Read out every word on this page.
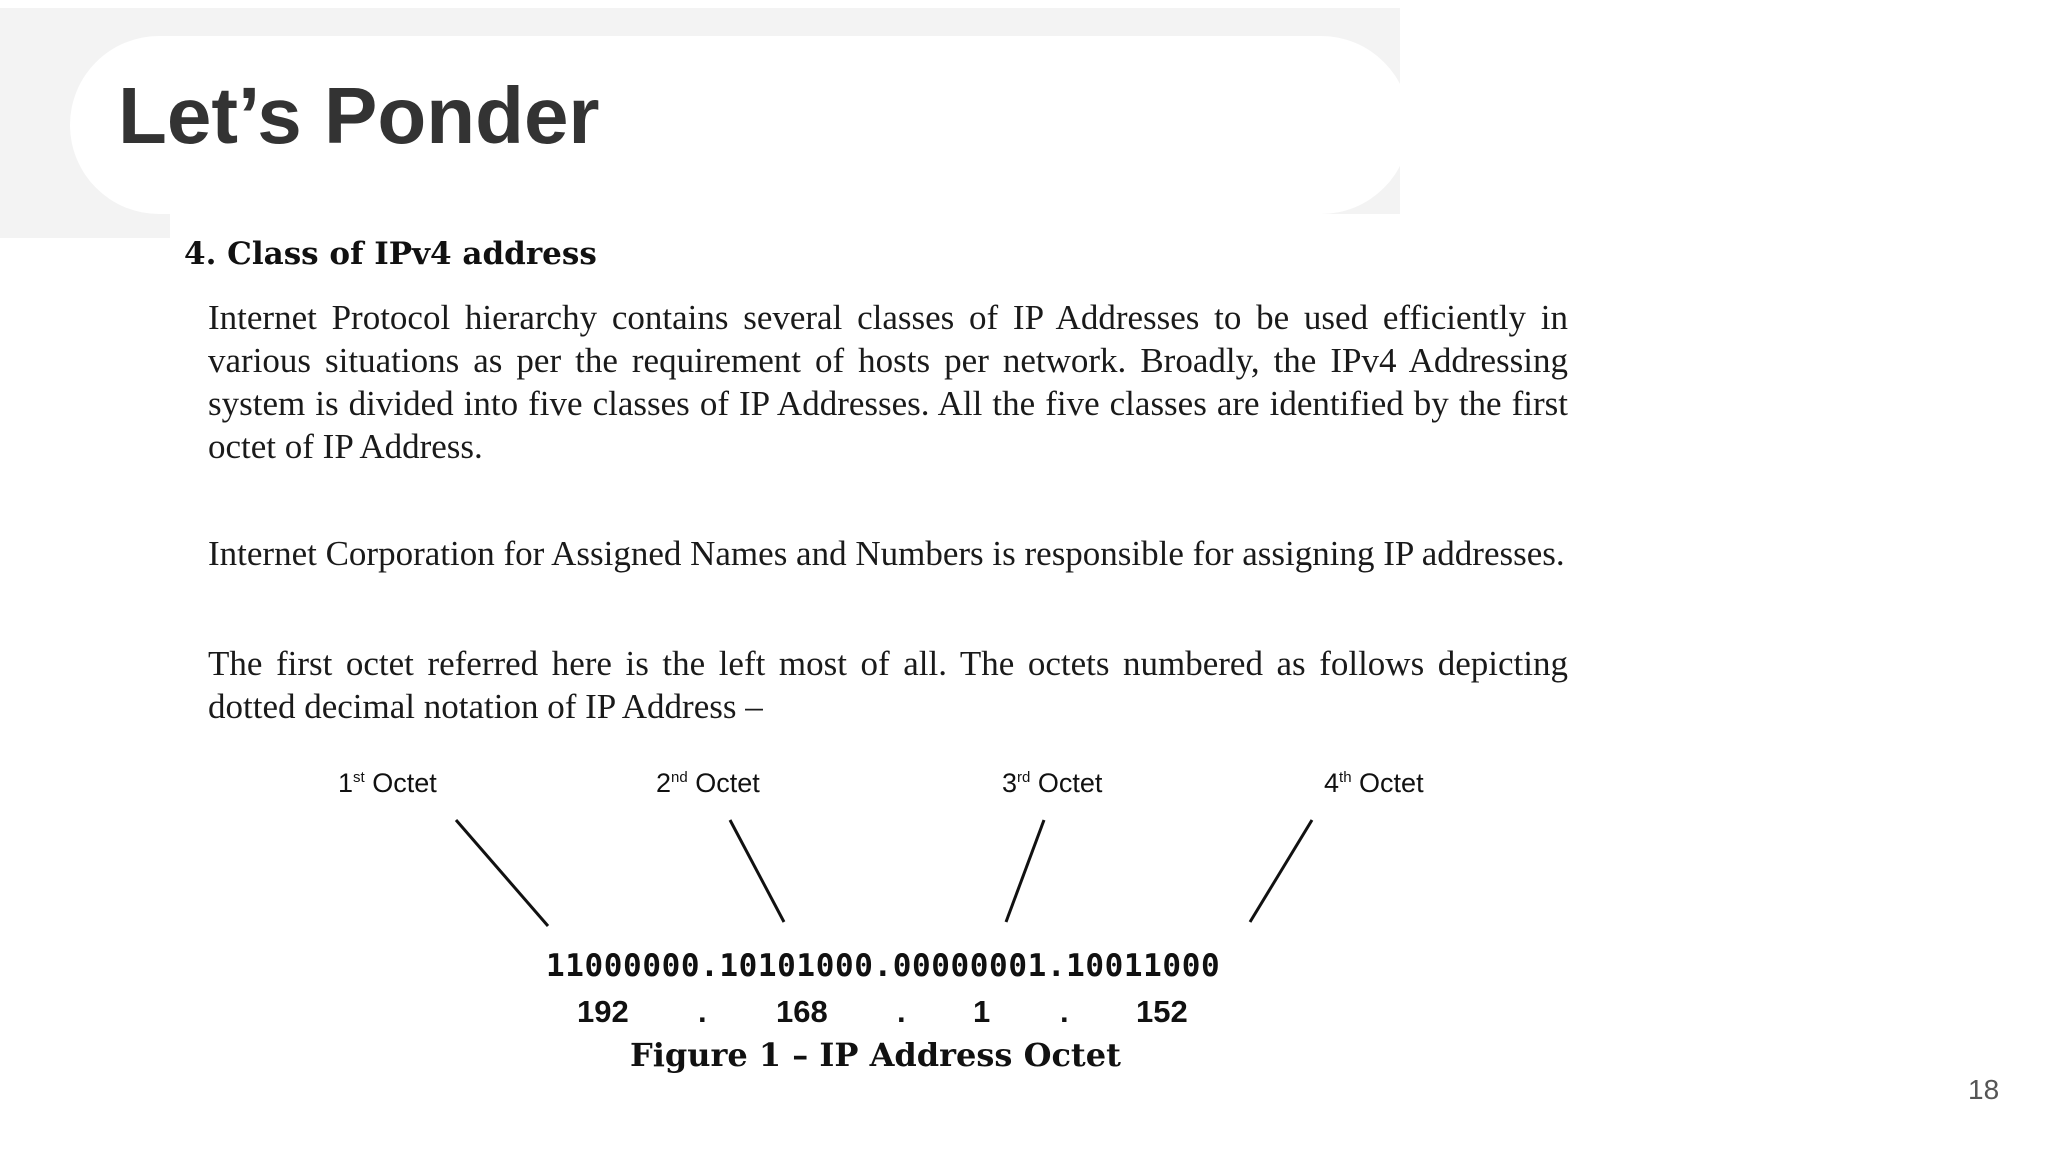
Let’s Ponder

4. Class of IPv4 address

Internet Protocol hierarchy contains several classes of IP Addresses to be used efficiently in various situations as per the requirement of hosts per network. Broadly, the IPv4 Addressing system is divided into five classes of IP Addresses. All the five classes are identified by the first octet of IP Address.

Internet Corporation for Assigned Names and Numbers is responsible for assigning IP addresses.

The first octet referred here is the left most of all. The octets numbered as follows depicting dotted decimal notation of IP Address –

1st Octet	2nd Octet	3rd Octet	4th Octet
11000000.10101000.00000001.10011000
192 . 168 . 1 . 152
Figure 1 – IP Address Octet
18
